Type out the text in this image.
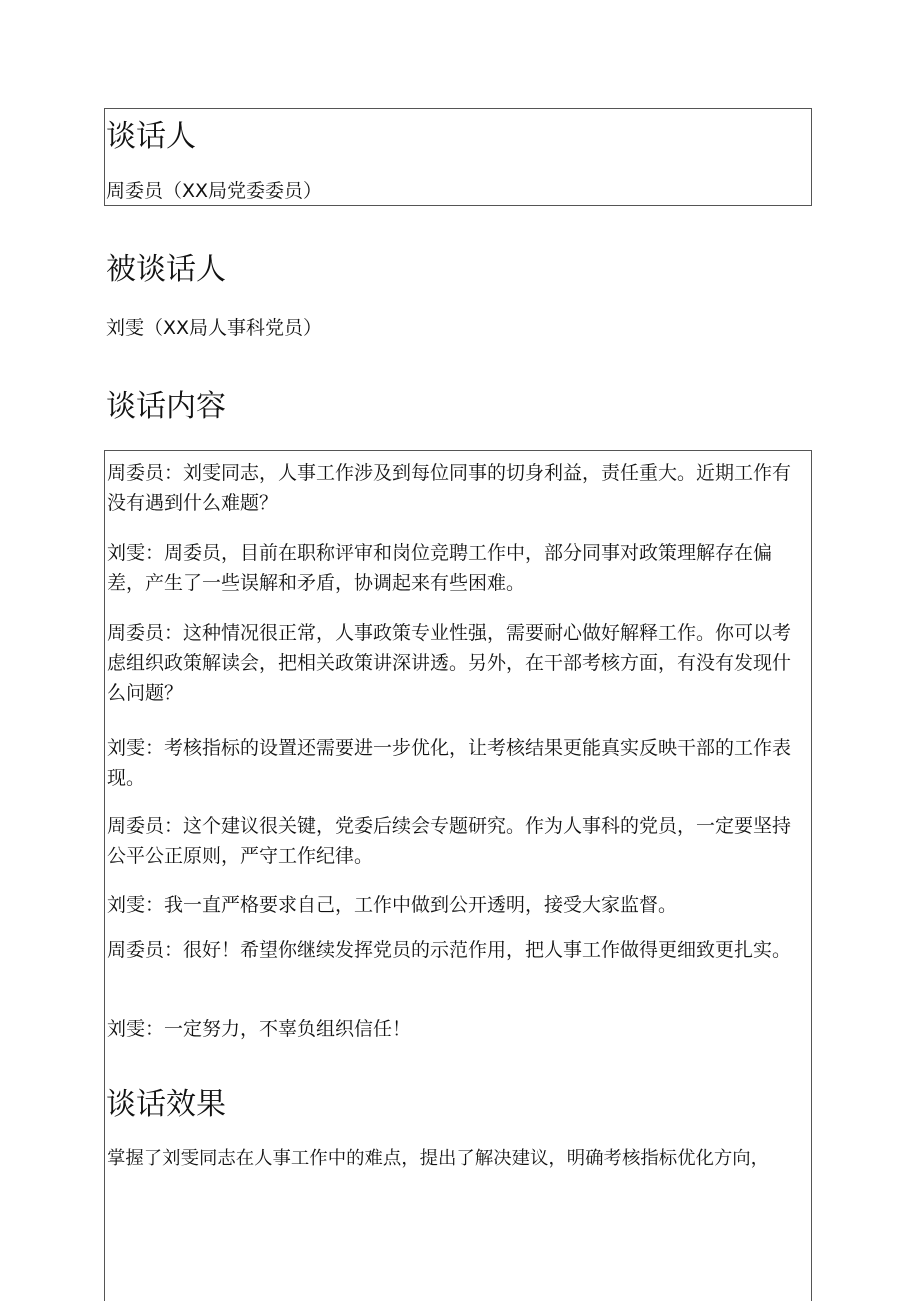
谈话人
周委员（XX局党委委员）
被谈话人
刘雯（XX局人事科党员）
谈话内容

周委员：刘雯同志，人事工作涉及到每位同事的切身利益，责任重大。近期工作有没有遇到什么难题？

刘雯：周委员，目前在职称评审和岗位竞聘工作中，部分同事对政策理解存在偏差，产生了一些误解和矛盾，协调起来有些困难。

周委员：这种情况很正常，人事政策专业性强，需要耐心做好解释工作。你可以考虑组织政策解读会，把相关政策讲深讲透。另外，在干部考核方面，有没有发现什么问题？

刘雯：考核指标的设置还需要进一步优化，让考核结果更能真实反映干部的工作表现。

周委员：这个建议很关键，党委后续会专题研究。作为人事科的党员，一定要坚持公平公正原则，严守工作纪律。

刘雯：我一直严格要求自己，工作中做到公开透明，接受大家监督。

周委员：很好！希望你继续发挥党员的示范作用，把人事工作做得更细致更扎实。

刘雯：一定努力，不辜负组织信任！

谈话效果
掌握了刘雯同志在人事工作中的难点，提出了解决建议，明确考核指标优化方向，
